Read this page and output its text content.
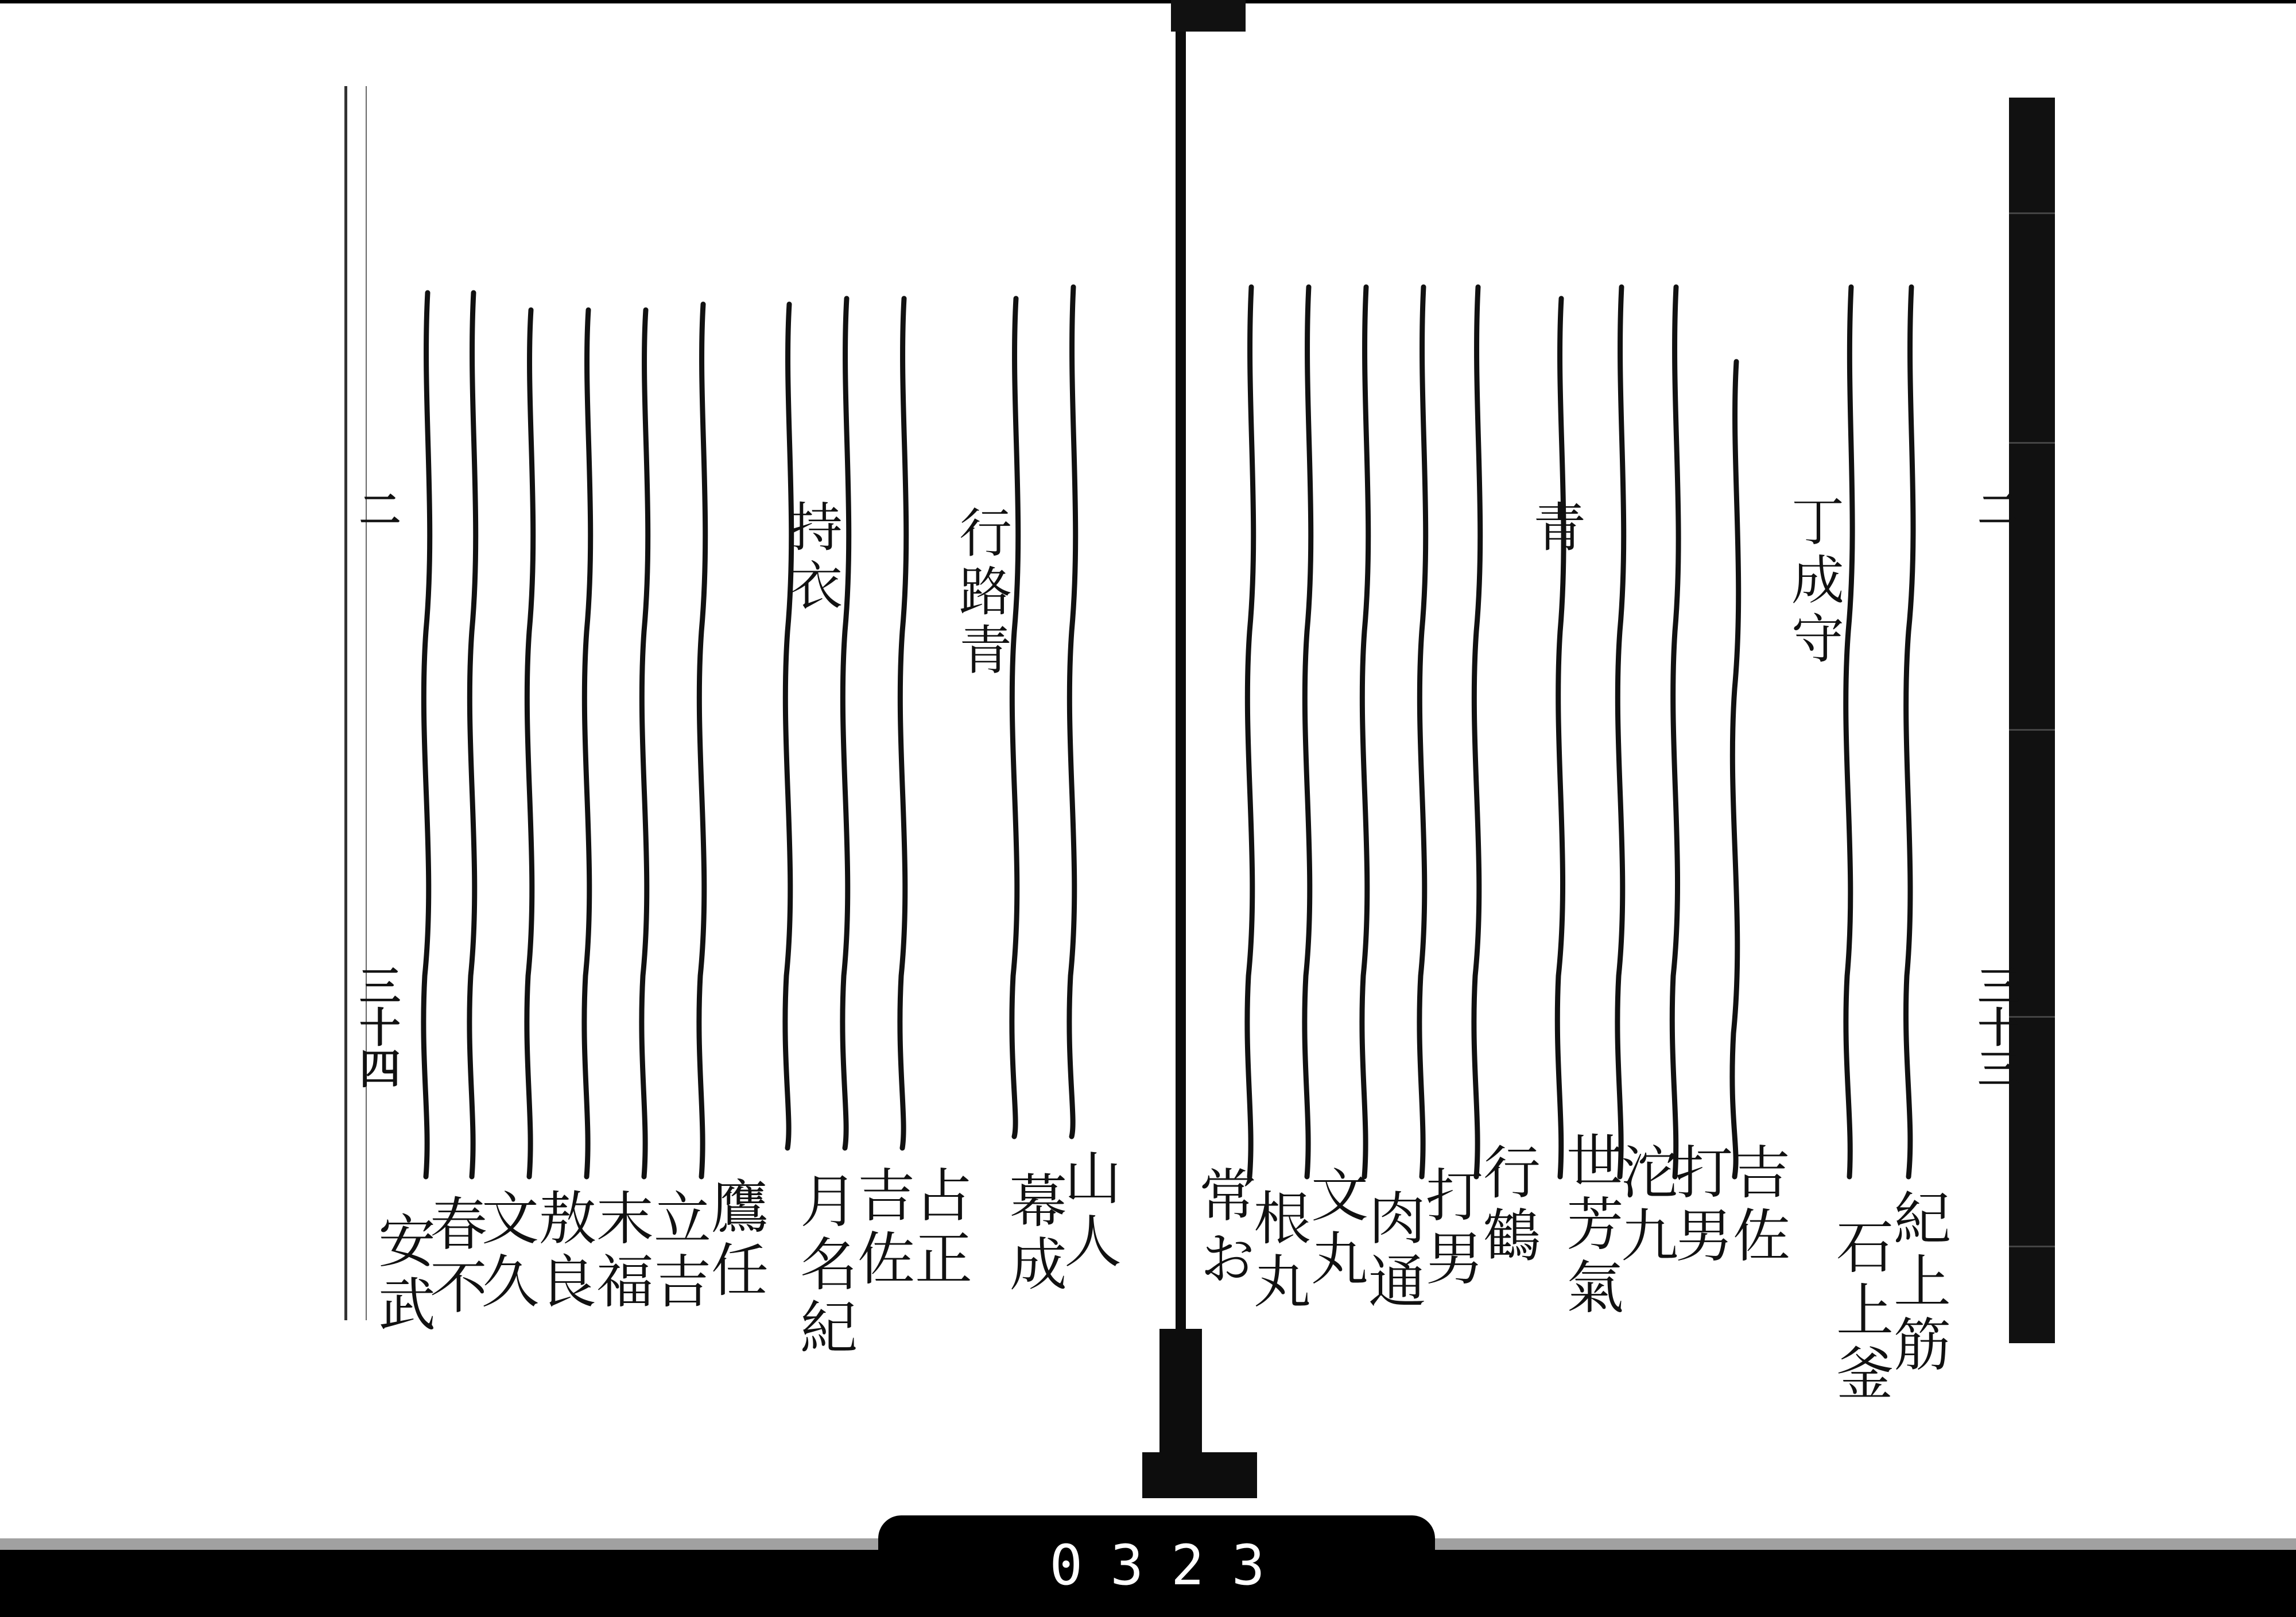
二
三十三
二
三十四
丁成守
青
紀上筋
石上釜
吉佐
打男
沱九
世芳氣
行鶴
打男
肉通
文丸
根丸
常お
行路青
持衣
山人
幕成
占正
吉佐
月名紀
鷹任
立吉
末福
敖良
文久
春不
安武
0323
